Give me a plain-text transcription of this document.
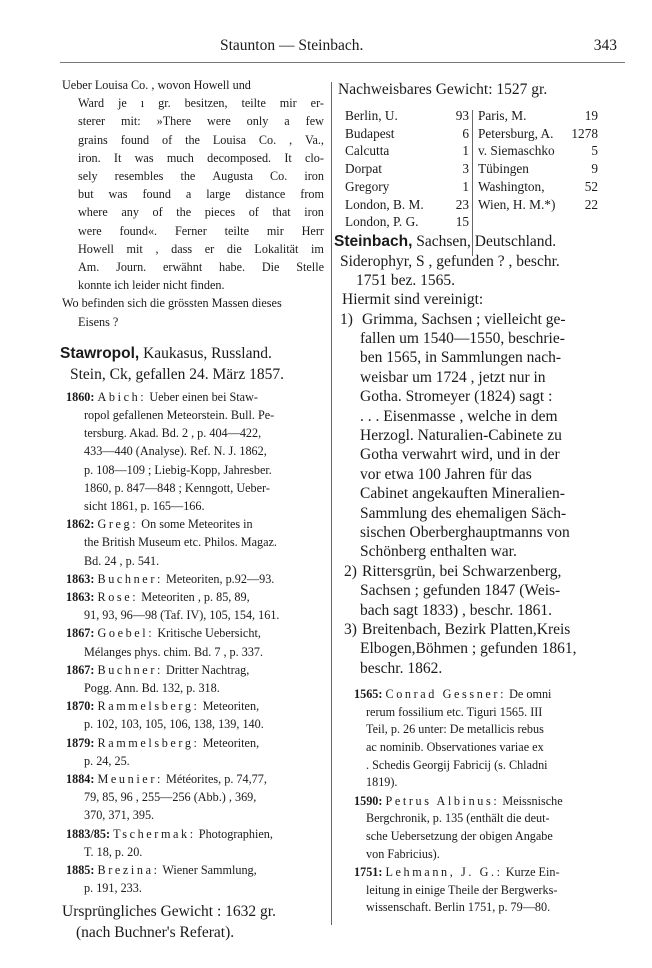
Staunton — Steinbach.	343
Ueber Louisa Co. , wovon Howell und
Ward je ı gr. besitzen, teilte mir er-
sterer mit: »There were only a few
grains found of the Louisa Co. , Va.,
iron. It was much decomposed. It clo-
sely resembles the Augusta Co. iron
but was found a large distance from
where any of the pieces of that iron
were found«. Ferner teilte mir Herr
Howell mit , dass er die Lokalität im
Am. Journ. erwähnt habe. Die Stelle
konnte ich leider nicht finden.
Wo befinden sich die grössten Massen dieses
Eisens ?
Stawropol, Kaukasus, Russland.
Stein, Ck, gefallen 24. März 1857.
1860: Abich: Ueber einen bei Staw-
ropol gefallenen Meteorstein. Bull. Pe-
tersburg. Akad. Bd. 2 , p. 404—422,
433—440 (Analyse). Ref. N. J. 1862,
p. 108—109 ; Liebig-Kopp, Jahresber.
1860, p. 847—848 ; Kenngott, Ueber-
sicht 1861, p. 165—166.
1862: Greg: On some Meteorites in
the British Museum etc. Philos. Magaz.
Bd. 24 , p. 541.
1863: Buchner: Meteoriten, p.92—93.
1863: Rose: Meteoriten , p. 85, 89,
91, 93, 96—98 (Taf. IV), 105, 154, 161.
1867: Goebel: Kritische Uebersicht,
Mélanges phys. chim. Bd. 7 , p. 337.
1867: Buchner: Dritter Nachtrag,
Pogg. Ann. Bd. 132, p. 318.
1870: Rammelsberg: Meteoriten,
p. 102, 103, 105, 106, 138, 139, 140.
1879: Rammelsberg: Meteoriten,
p. 24, 25.
1884: Meunier: Météorites, p. 74,77,
79, 85, 96 , 255—256 (Abb.) , 369,
370, 371, 395.
1883/85: Tschermak: Photographien,
T. 18, p. 20.
1885: Brezina: Wiener Sammlung,
p. 191, 233.
Ursprüngliches Gewicht : 1632 gr.
(nach Buchner's Referat).
Nachweisbares Gewicht: 1527 gr.
Berlin, U.	93
Budapest	6
Calcutta	1
Dorpat	3
Gregory	1
London, B. M. 23
London, P. G.	15
Paris, M.	19
Petersburg, A. 1278
v. Siemaschko	5
Tübingen	9
Washington,	52
Wien, H. M.*) 22
Steinbach, Sachsen, Deutschland.
Siderophyr, S , gefunden ? , beschr.
1751 bez. 1565.
Hiermit sind vereinigt:
1) Grimma, Sachsen ; vielleicht ge-
fallen um 1540—1550, beschrie-
ben 1565, in Sammlungen nach-
weisbar um 1724 , jetzt nur in
Gotha. Stromeyer (1824) sagt :
. . . Eisenmasse , welche in dem
Herzogl. Naturalien-Cabinete zu
Gotha verwahrt wird, und in der
vor etwa 100 Jahren für das
Cabinet angekauften Mineralien-
Sammlung des ehemaligen Säch-
sischen Oberberghauptmanns von
Schönberg enthalten war.
2) Rittersgrün, bei Schwarzenberg,
Sachsen ; gefunden 1847 (Weis-
bach sagt 1833) , beschr. 1861.
3) Breitenbach, Bezirk Platten,Kreis
Elbogen,Böhmen ; gefunden 1861,
beschr. 1862.
1565: Conrad Gessner: De omni
rerum fossilium etc. Tiguri 1565. III
Teil, p. 26 unter: De metallicis rebus
ac nominib. Observationes variae ex
. Schedis Georgij Fabricij (s. Chladni
1819).
1590: Petrus Albinus: Meissnische
Bergchronik, p. 135 (enthält die deut-
sche Uebersetzung der obigen Angabe
von Fabricius).
1751: Lehmann, J. G.: Kurze Ein-
leitung in einige Theile der Bergwerks-
wissenschaft. Berlin 1751, p. 79—80.
